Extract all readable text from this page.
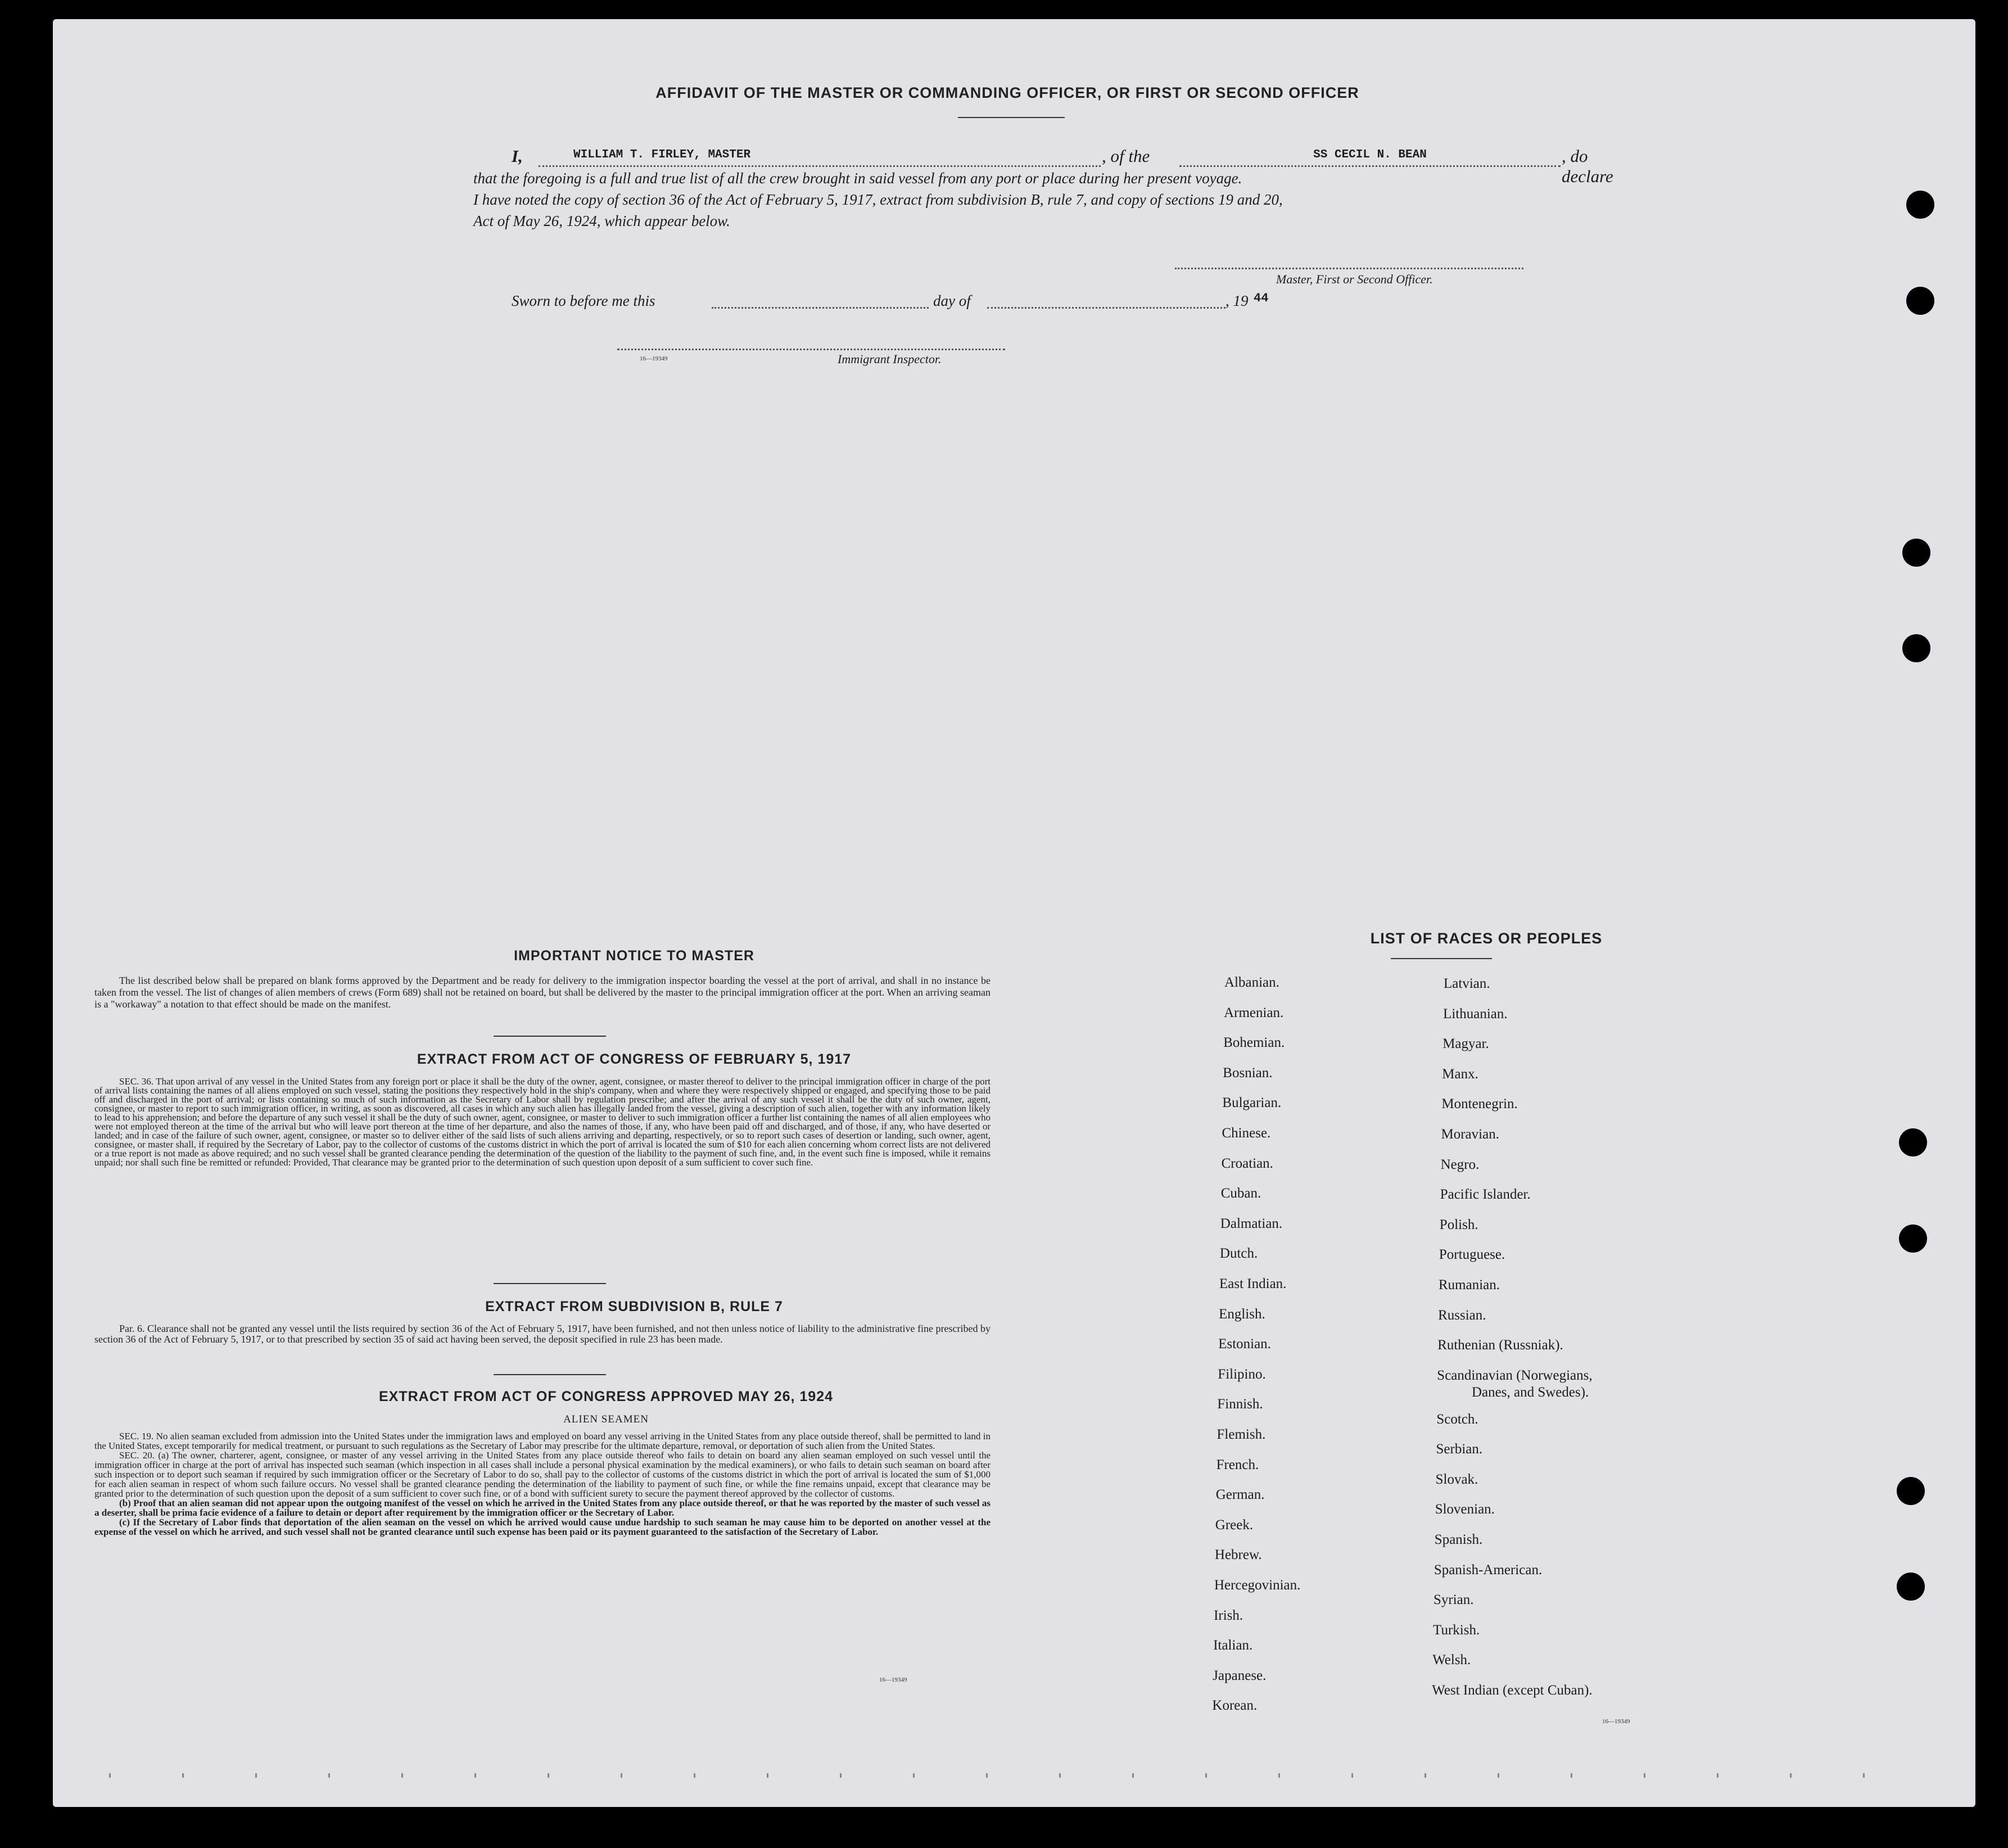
AFFIDAVIT OF THE MASTER OR COMMANDING OFFICER, OR FIRST OR SECOND OFFICER
I,	WILLIAM T. FIRLEY, MASTER	, of the	SS CECIL N. BEAN	, do declare
that the foregoing is a full and true list of all the crew brought in said vessel from any port or place during her present voyage.
I have noted the copy of section 36 of the Act of February 5, 1917, extract from subdivision B, rule 7, and copy of sections 19 and 20,
Act of May 26, 1924, which appear below.
Master, First or Second Officer.
Sworn to before me this	day of	, 19 44
16—19349	Immigrant Inspector.
IMPORTANT NOTICE TO MASTER
The list described below shall be prepared on blank forms approved by the Department and be ready for delivery to the immigration inspector boarding the vessel at the port of arrival, and shall in no instance be taken from the vessel. The list of changes of alien members of crews (Form 689) shall not be retained on board, but shall be delivered by the master to the principal immigration officer at the port. When an arriving seaman is a "workaway" a notation to that effect should be made on the manifest.
EXTRACT FROM ACT OF CONGRESS OF FEBRUARY 5, 1917
SEC. 36. That upon arrival of any vessel in the United States from any foreign port or place it shall be the duty of the owner, agent, consignee, or master thereof to deliver to the principal immigration officer in charge of the port of arrival lists containing the names of all aliens employed on such vessel, stating the positions they respectively hold in the ship's company, when and where they were respectively shipped or engaged, and specifying those to be paid off and discharged in the port of arrival; or lists containing so much of such information as the Secretary of Labor shall by regulation prescribe; and after the arrival of any such vessel it shall be the duty of such owner, agent, consignee, or master to report to such immigration officer, in writing, as soon as discovered, all cases in which any such alien has illegally landed from the vessel, giving a description of such alien, together with any information likely to lead to his apprehension; and before the departure of any such vessel it shall be the duty of such owner, agent, consignee, or master to deliver to such immigration officer a further list containing the names of all alien employees who were not employed thereon at the time of the arrival but who will leave port thereon at the time of her departure, and also the names of those, if any, who have been paid off and discharged, and of those, if any, who have deserted or landed; and in case of the failure of such owner, agent, consignee, or master so to deliver either of the said lists of such aliens arriving and departing, respectively, or so to report such cases of desertion or landing, such owner, agent, consignee, or master shall, if required by the Secretary of Labor, pay to the collector of customs of the customs district in which the port of arrival is located the sum of $10 for each alien concerning whom correct lists are not delivered or a true report is not made as above required; and no such vessel shall be granted clearance pending the determination of the question of the liability to the payment of such fine, and, in the event such fine is imposed, while it remains unpaid; nor shall such fine be remitted or refunded: Provided, That clearance may be granted prior to the determination of such question upon deposit of a sum sufficient to cover such fine.
EXTRACT FROM SUBDIVISION B, RULE 7
Par. 6. Clearance shall not be granted any vessel until the lists required by section 36 of the Act of February 5, 1917, have been furnished, and not then unless notice of liability to the administrative fine prescribed by section 36 of the Act of February 5, 1917, or to that prescribed by section 35 of said act having been served, the deposit specified in rule 23 has been made.
EXTRACT FROM ACT OF CONGRESS APPROVED MAY 26, 1924
ALIEN SEAMEN
SEC. 19. No alien seaman excluded from admission into the United States under the immigration laws and employed on board any vessel arriving in the United States from any place outside thereof, shall be permitted to land in the United States, except temporarily for medical treatment, or pursuant to such regulations as the Secretary of Labor may prescribe for the ultimate departure, removal, or deportation of such alien from the United States.
SEC. 20. (a) The owner, charterer, agent, consignee, or master of any vessel arriving in the United States from any place outside thereof who fails to detain on board any alien seaman employed on such vessel until the immigration officer in charge at the port of arrival has inspected such seaman (which inspection in all cases shall include a personal physical examination by the medical examiners), or who fails to detain such seaman on board after such inspection or to deport such seaman if required by such immigration officer or the Secretary of Labor to do so, shall pay to the collector of customs of the customs district in which the port of arrival is located the sum of $1,000 for each alien seaman in respect of whom such failure occurs. No vessel shall be granted clearance pending the determination of the liability to payment of such fine, or while the fine remains unpaid, except that clearance may be granted prior to the determination of such question upon the deposit of a sum sufficient to cover such fine, or of a bond with sufficient surety to secure the payment thereof approved by the collector of customs.
(b) Proof that an alien seaman did not appear upon the outgoing manifest of the vessel on which he arrived in the United States from any place outside thereof, or that he was reported by the master of such vessel as a deserter, shall be prima facie evidence of a failure to detain or deport after requirement by the immigration officer or the Secretary of Labor.
(c) If the Secretary of Labor finds that deportation of the alien seaman on the vessel on which he arrived would cause undue hardship to such seaman he may cause him to be deported on another vessel at the expense of the vessel on which he arrived, and such vessel shall not be granted clearance until such expense has been paid or its payment guaranteed to the satisfaction of the Secretary of Labor.
16—19349
LIST OF RACES OR PEOPLES
Albanian.
Armenian.
Bohemian.
Bosnian.
Bulgarian.
Chinese.
Croatian.
Cuban.
Dalmatian.
Dutch.
East Indian.
English.
Estonian.
Filipino.
Finnish.
Flemish.
French.
German.
Greek.
Hebrew.
Hercegovinian.
Irish.
Italian.
Japanese.
Korean.
Latvian.
Lithuanian.
Magyar.
Manx.
Montenegrin.
Moravian.
Negro.
Pacific Islander.
Polish.
Portuguese.
Rumanian.
Russian.
Ruthenian (Russniak).
Scandinavian (Norwegians,
Danes, and Swedes).
Scotch.
Serbian.
Slovak.
Slovenian.
Spanish.
Spanish-American.
Syrian.
Turkish.
Welsh.
West Indian (except Cuban).
16—19349
